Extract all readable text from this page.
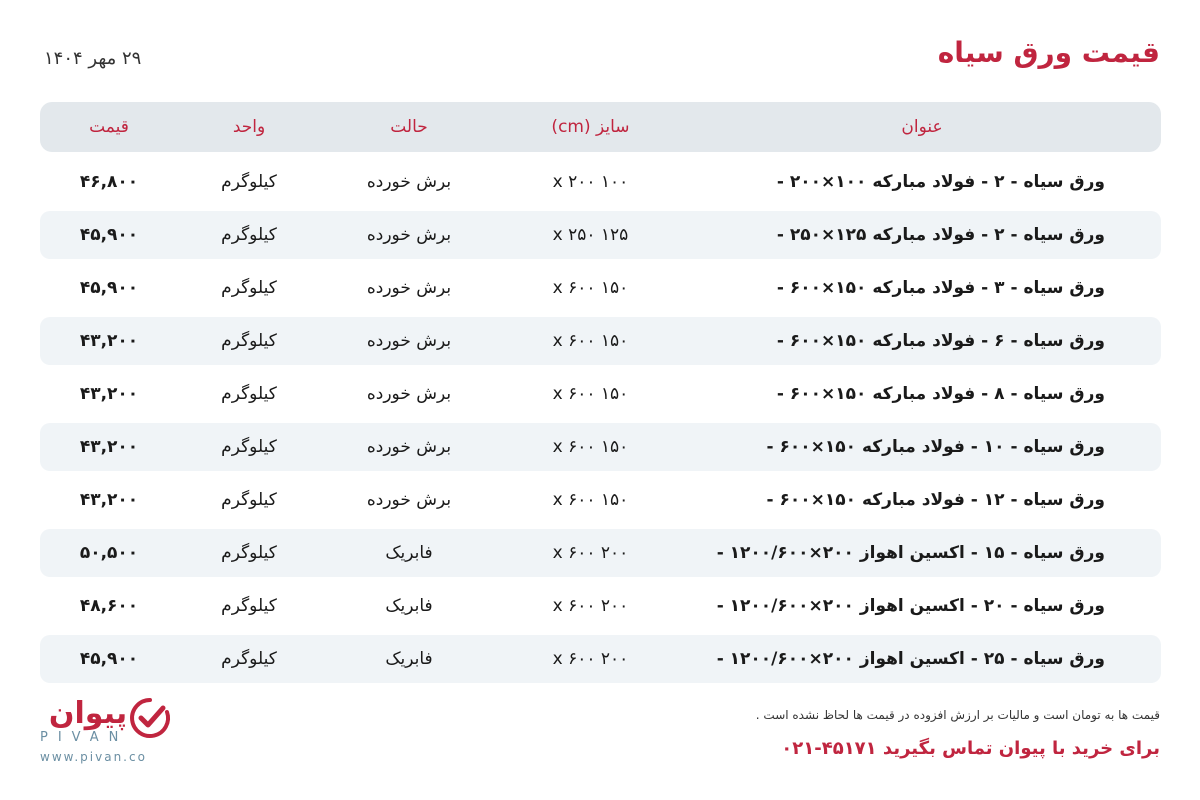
قیمت ورق سیاه
۲۹ مهر ۱۴۰۴
عنوان
سایز (cm)
حالت
واحد
قیمت
ورق سیاه - ۲ - فولاد مبارکه ۱۰۰×۲۰۰ -
۱۰۰ x ۲۰۰
برش خورده
کیلوگرم
۴۶,۸۰۰
ورق سیاه - ۲ - فولاد مبارکه ۱۲۵×۲۵۰ -
۱۲۵ x ۲۵۰
برش خورده
کیلوگرم
۴۵,۹۰۰
ورق سیاه - ۳ - فولاد مبارکه ۱۵۰×۶۰۰ -
۱۵۰ x ۶۰۰
برش خورده
کیلوگرم
۴۵,۹۰۰
ورق سیاه - ۶ - فولاد مبارکه ۱۵۰×۶۰۰ -
۱۵۰ x ۶۰۰
برش خورده
کیلوگرم
۴۳,۲۰۰
ورق سیاه - ۸ - فولاد مبارکه ۱۵۰×۶۰۰ -
۱۵۰ x ۶۰۰
برش خورده
کیلوگرم
۴۳,۲۰۰
ورق سیاه - ۱۰ - فولاد مبارکه ۱۵۰×۶۰۰ -
۱۵۰ x ۶۰۰
برش خورده
کیلوگرم
۴۳,۲۰۰
ورق سیاه - ۱۲ - فولاد مبارکه ۱۵۰×۶۰۰ -
۱۵۰ x ۶۰۰
برش خورده
کیلوگرم
۴۳,۲۰۰
ورق سیاه - ۱۵ - اکسین اهواز ۲۰۰×۱۲۰۰/۶۰۰ -
۲۰۰ x ۶۰۰
فابریک
کیلوگرم
۵۰,۵۰۰
ورق سیاه - ۲۰ - اکسین اهواز ۲۰۰×۱۲۰۰/۶۰۰ -
۲۰۰ x ۶۰۰
فابریک
کیلوگرم
۴۸,۶۰۰
ورق سیاه - ۲۵ - اکسین اهواز ۲۰۰×۱۲۰۰/۶۰۰ -
۲۰۰ x ۶۰۰
فابریک
کیلوگرم
۴۵,۹۰۰
قیمت ها به تومان است و مالیات بر ارزش افزوده در قیمت ها لحاظ نشده است .
برای خرید با پیوان تماس بگیرید ۴۵۱۷۱-۰۲۱
پیوان
PIVAN
www.pivan.co
